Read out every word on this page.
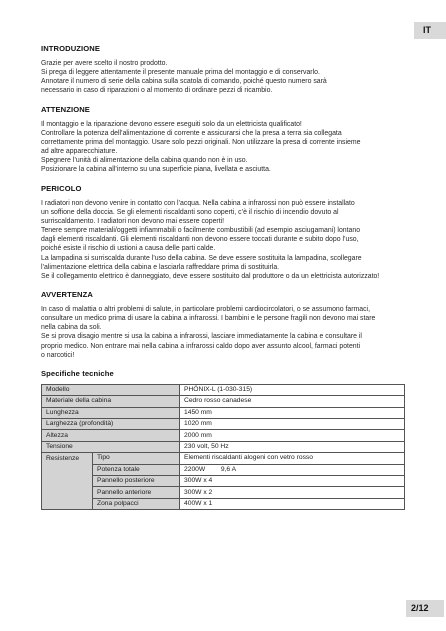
IT
INTRODUZIONE
Grazie per avere scelto il nostro prodotto.
Si prega di leggere attentamente il presente manuale prima del montaggio e di conservarlo.
Annotare il numero di serie della cabina sulla scatola di comando, poiché questo numero sarà
necessario in caso di riparazioni o al momento di ordinare pezzi di ricambio.
ATTENZIONE
Il montaggio e la riparazione devono essere eseguiti solo da un elettricista qualificato!
Controllare la potenza dell’alimentazione di corrente e assicurarsi che la presa a terra sia collegata
correttamente prima del montaggio. Usare solo pezzi originali. Non utilizzare la presa di corrente insieme
ad altre apparecchiature.
Spegnere l’unità di alimentazione della cabina quando non è in uso.
Posizionare la cabina all’interno su una superficie piana, livellata e asciutta.
PERICOLO
I radiatori non devono venire in contatto con l’acqua. Nella cabina a infrarossi non può essere installato
un soffione della doccia. Se gli elementi riscaldanti sono coperti, c’è il rischio di incendio dovuto al
surriscaldamento. I radiatori non devono mai essere coperti!
Tenere sempre materiali/oggetti infiammabili o facilmente combustibili (ad esempio asciugamani) lontano
dagli elementi riscaldanti. Gli elementi riscaldanti non devono essere toccati durante e subito dopo l’uso,
poiché esiste il rischio di ustioni a causa delle parti calde.
La lampadina si surriscalda durante l’uso della cabina. Se deve essere sostituita la lampadina, scollegare
l’alimentazione elettrica della cabina e lasciarla raffreddare prima di sostituirla.
Se il collegamento elettrico è danneggiato, deve essere sostituito dal produttore o da un elettricista autorizzato!
AVVERTENZA
In caso di malattia o altri problemi di salute, in particolare problemi cardiocircolatori, o se assumono farmaci,
consultare un medico prima di usare la cabina a infrarossi. I bambini e le persone fragili non devono mai stare
nella cabina da soli.
Se si prova disagio mentre si usa la cabina a infrarossi, lasciare immediatamente la cabina e consultare il
proprio medico. Non entrare mai nella cabina a infrarossi caldo dopo aver assunto alcool, farmaci potenti
o narcotici!
Specifiche tecniche
Modello		PHÖNIX-L (1-030-315)
Materiale della cabina		Cedro rosso canadese
Lunghezza		1450 mm
Larghezza (profondità)		1020 mm
Altezza		2000 mm
Tensione		230 volt, 50 Hz
Resistenze	Tipo	Elementi riscaldanti alogeni con vetro rosso
	Potenza totale	2200W 9,6 A
	Pannello posteriore	300W x 4
	Pannello anteriore	300W x 2
	Zona polpacci	400W x 1
2/12
